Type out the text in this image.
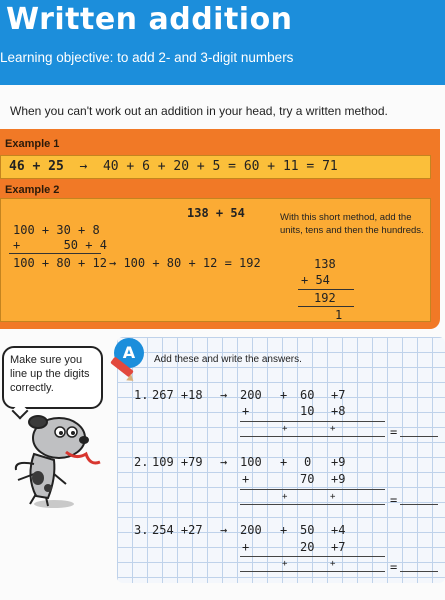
Written addition
Learning objective: to add 2- and 3-digit numbers
When you can't work out an addition in your head, try a written method.
Example 1
46 + 25 → 40 + 6 + 20 + 5 = 60 + 11 = 71
Example 2
138 + 54
100 + 30 + 8
+      50 + 4
100 + 80 + 12 → 100 + 80 + 12 = 192
With this short method, add the units, tens and then the hundreds.
138
+ 54
192
1
A	Add these and write the answers.
1. 267 +18 → 200 + 60 +7
+	10 +8
+	+	=
2. 109 +79 → 100 + 0 +9
+	70 +9
+	+	=
3. 254 +27 → 200 + 50 +4
+	20 +7
+	+	=
Make sure you line up the digits correctly.
